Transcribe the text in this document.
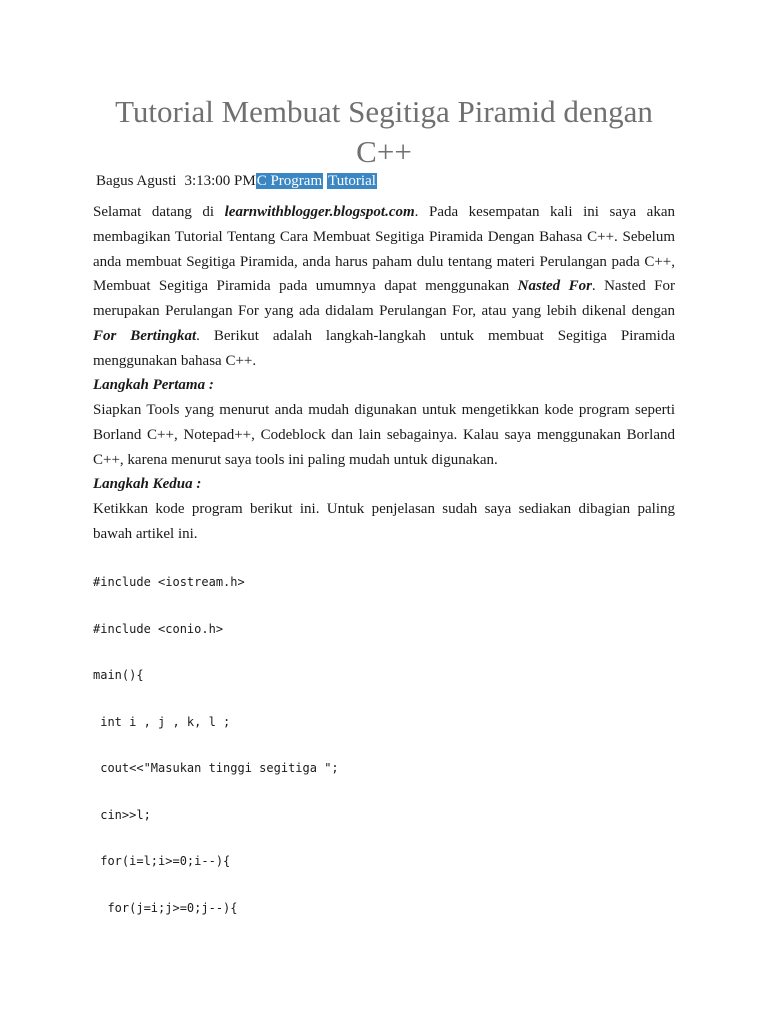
Tutorial Membuat Segitiga Piramid dengan C++
Bagus Agusti 3:13:00 PMC Program Tutorial

Selamat datang di learnwithblogger.blogspot.com. Pada kesempatan kali ini saya akan membagikan Tutorial Tentang Cara Membuat Segitiga Piramida Dengan Bahasa C++. Sebelum anda membuat Segitiga Piramida, anda harus paham dulu tentang materi Perulangan pada C++, Membuat Segitiga Piramida pada umumnya dapat menggunakan Nasted For. Nasted For merupakan Perulangan For yang ada didalam Perulangan For, atau yang lebih dikenal dengan For Bertingkat. Berikut adalah langkah-langkah untuk membuat Segitiga Piramida menggunakan bahasa C++.

Langkah Pertama :

Siapkan Tools yang menurut anda mudah digunakan untuk mengetikkan kode program seperti Borland C++, Notepad++, Codeblock dan lain sebagainya. Kalau saya menggunakan Borland C++, karena menurut saya tools ini paling mudah untuk digunakan.

Langkah Kedua :

Ketikkan kode program berikut ini. Untuk penjelasan sudah saya sediakan dibagian paling bawah artikel ini.

#include <iostream.h>
#include <conio.h>
main(){
int i , j , k, l ;
cout<<"Masukan tinggi segitiga ";
cin>>l;
for(i=l;i>=0;i--){
for(j=i;j>=0;j--){
